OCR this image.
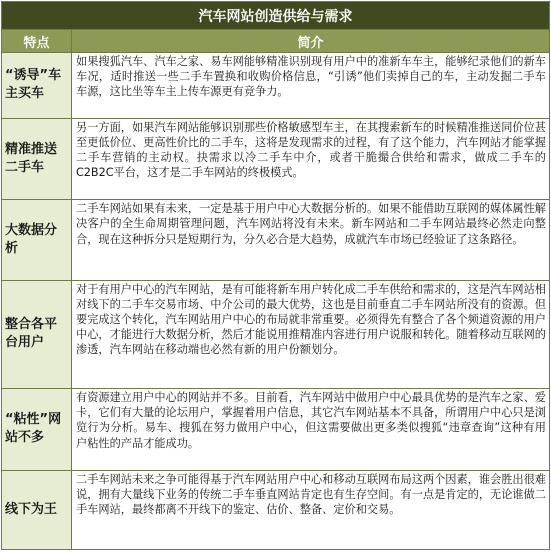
汽车网站创造供给与需求
特点	简介
“诱导”车主买车
如果搜狐汽车、汽车之家、易车网能够精准识别现有用户中的准新车车主，能够纪录他们的新车车况，适时推送一些二手车置换和收购价格信息，“引诱”他们卖掉自己的车，主动发掘二手车车源，这比坐等车主上传车源更有竞争力。
精准推送二手车
另一方面，如果汽车网站能够识别那些价格敏感型车主，在其搜索新车的时候精准推送同价位甚至更低价位、更高性价比的二手车，这将是发现需求的过程，有了这个能力，汽车网站才能掌握二手车营销的主动权。抉需求以冷二手车中介，或者干脆撮合供给和需求，做成二手车的C2B2C平台，这才是二手车网站的终极模式。
大数据分析
二手车网站如果有未来，一定是基于用户中心大数据分析的。如果不能借助互联网的媒体属性解决客户的全生命周期管理问题，汽车网站将没有未来。新车网站和二手车网站最终必然走向整合，现在这种拆分只是短期行为，分久必合是大趋势，成就汽车市场已经验证了这条路径。
整合各平台用户
对于有用户中心的汽车网站，是有可能将新车用户转化成二手车供给和需求的，这是汽车网站相对线下的二手车交易市场、中介公司的最大优势，这也是目前垂直二手车网站所没有的资源。但要完成这个转化，汽车网站用户中心的布局就非常重要。必须得先有整合了各个频道资源的用户中心，才能进行大数据分析，然后才能说用推精准内容进行用户说服和转化。随着移动互联网的渗透，汽车网站在移动端也必然有新的用户份额划分。
“粘性”网站不多
有资源建立用户中心的网站并不多。目前看，汽车网站中做用户中心最具优势的是汽车之家、爱卡，它们有大量的论坛用户，掌握着用户信息，其它汽车网站基本不具备，所谓用户中心只是浏览行为分析。易车、搜狐在努力做用户中心，但这需要做出更多类似搜狐“违章查询”这种有用户粘性的产品才能成功。
线下为王
二手车网站未来之争可能得基于汽车网站用户中心和移动互联网布局这两个因素，谁会胜出很难说，拥有大量线下业务的传统二手车垂直网站肯定也有生存空间。有一点是肯定的，无论谁做二手车网站，最终都离不开线下的鉴定、估价、整备、定价和交易。
